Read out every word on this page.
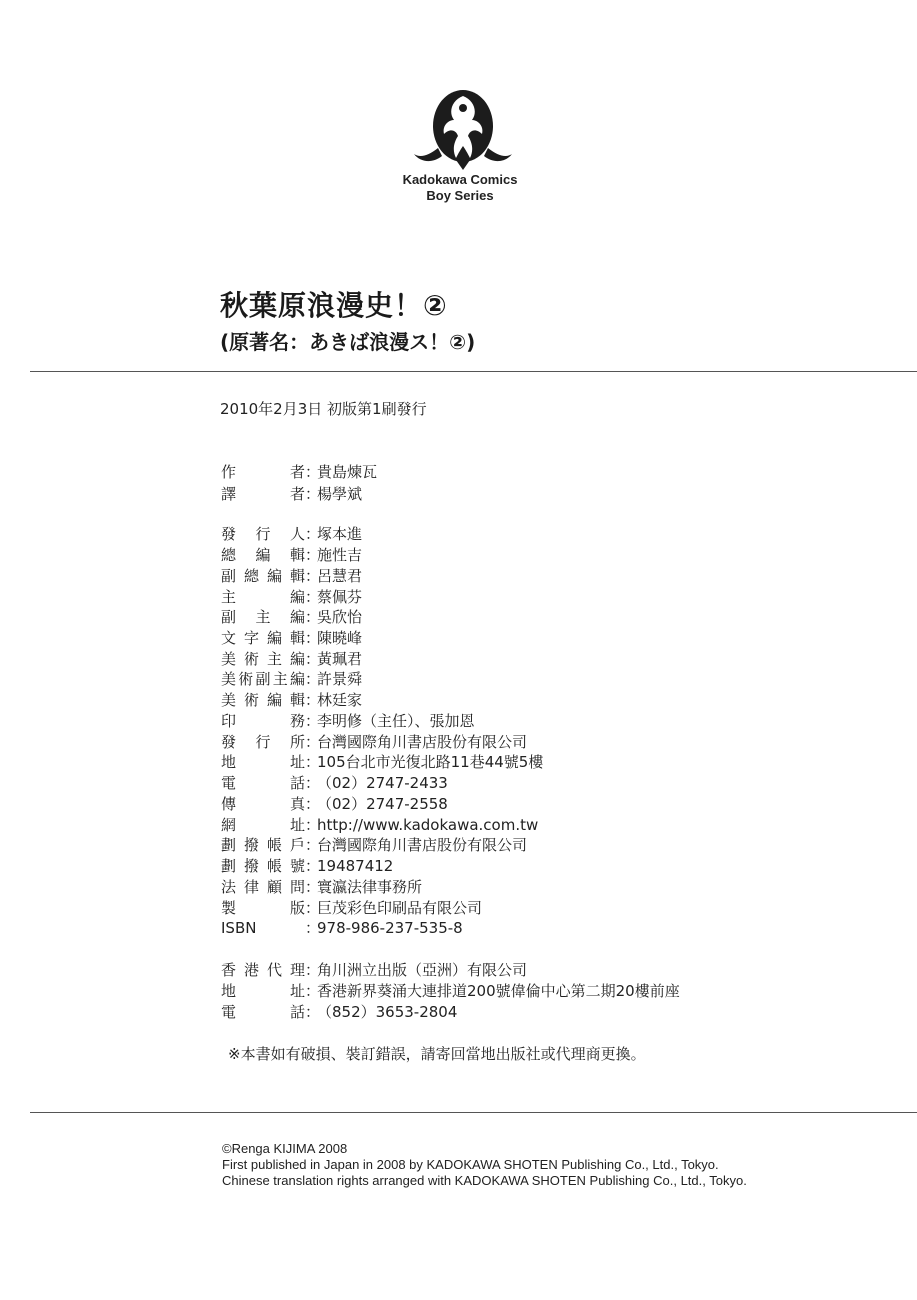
Kadokawa Comics
Boy Series
秋葉原浪漫史！②
(原著名：あきば浪漫ス！②)
2010年2月3日 初版第1刷發行
作者：貴島煉瓦
譯者：楊學斌
發行人：塚本進
總編輯：施性吉
副總編輯：呂慧君
主編：蔡佩芬
副主編：吳欣怡
文字編輯：陳曉峰
美術主編：黃珮君
美術副主編：許景舜
美術編輯：林廷家
印務：李明修（主任）、張加恩
發行所：台灣國際角川書店股份有限公司
地址：105台北市光復北路11巷44號5樓
電話：（02）2747-2433
傳真：（02）2747-2558
網址：http://www.kadokawa.com.tw
劃撥帳戶：台灣國際角川書店股份有限公司
劃撥帳號：19487412
法律顧問：寰瀛法律事務所
製版：巨茂彩色印刷品有限公司
ISBN	：978-986-237-535-8
香港代理：角川洲立出版（亞洲）有限公司
地址：香港新界葵涌大連排道200號偉倫中心第二期20樓前座
電話：（852）3653-2804
※本書如有破損、裝訂錯誤，請寄回當地出版社或代理商更換。
©Renga KIJIMA 2008
First published in Japan in 2008 by KADOKAWA SHOTEN Publishing Co., Ltd., Tokyo.
Chinese translation rights arranged with KADOKAWA SHOTEN Publishing Co., Ltd., Tokyo.
